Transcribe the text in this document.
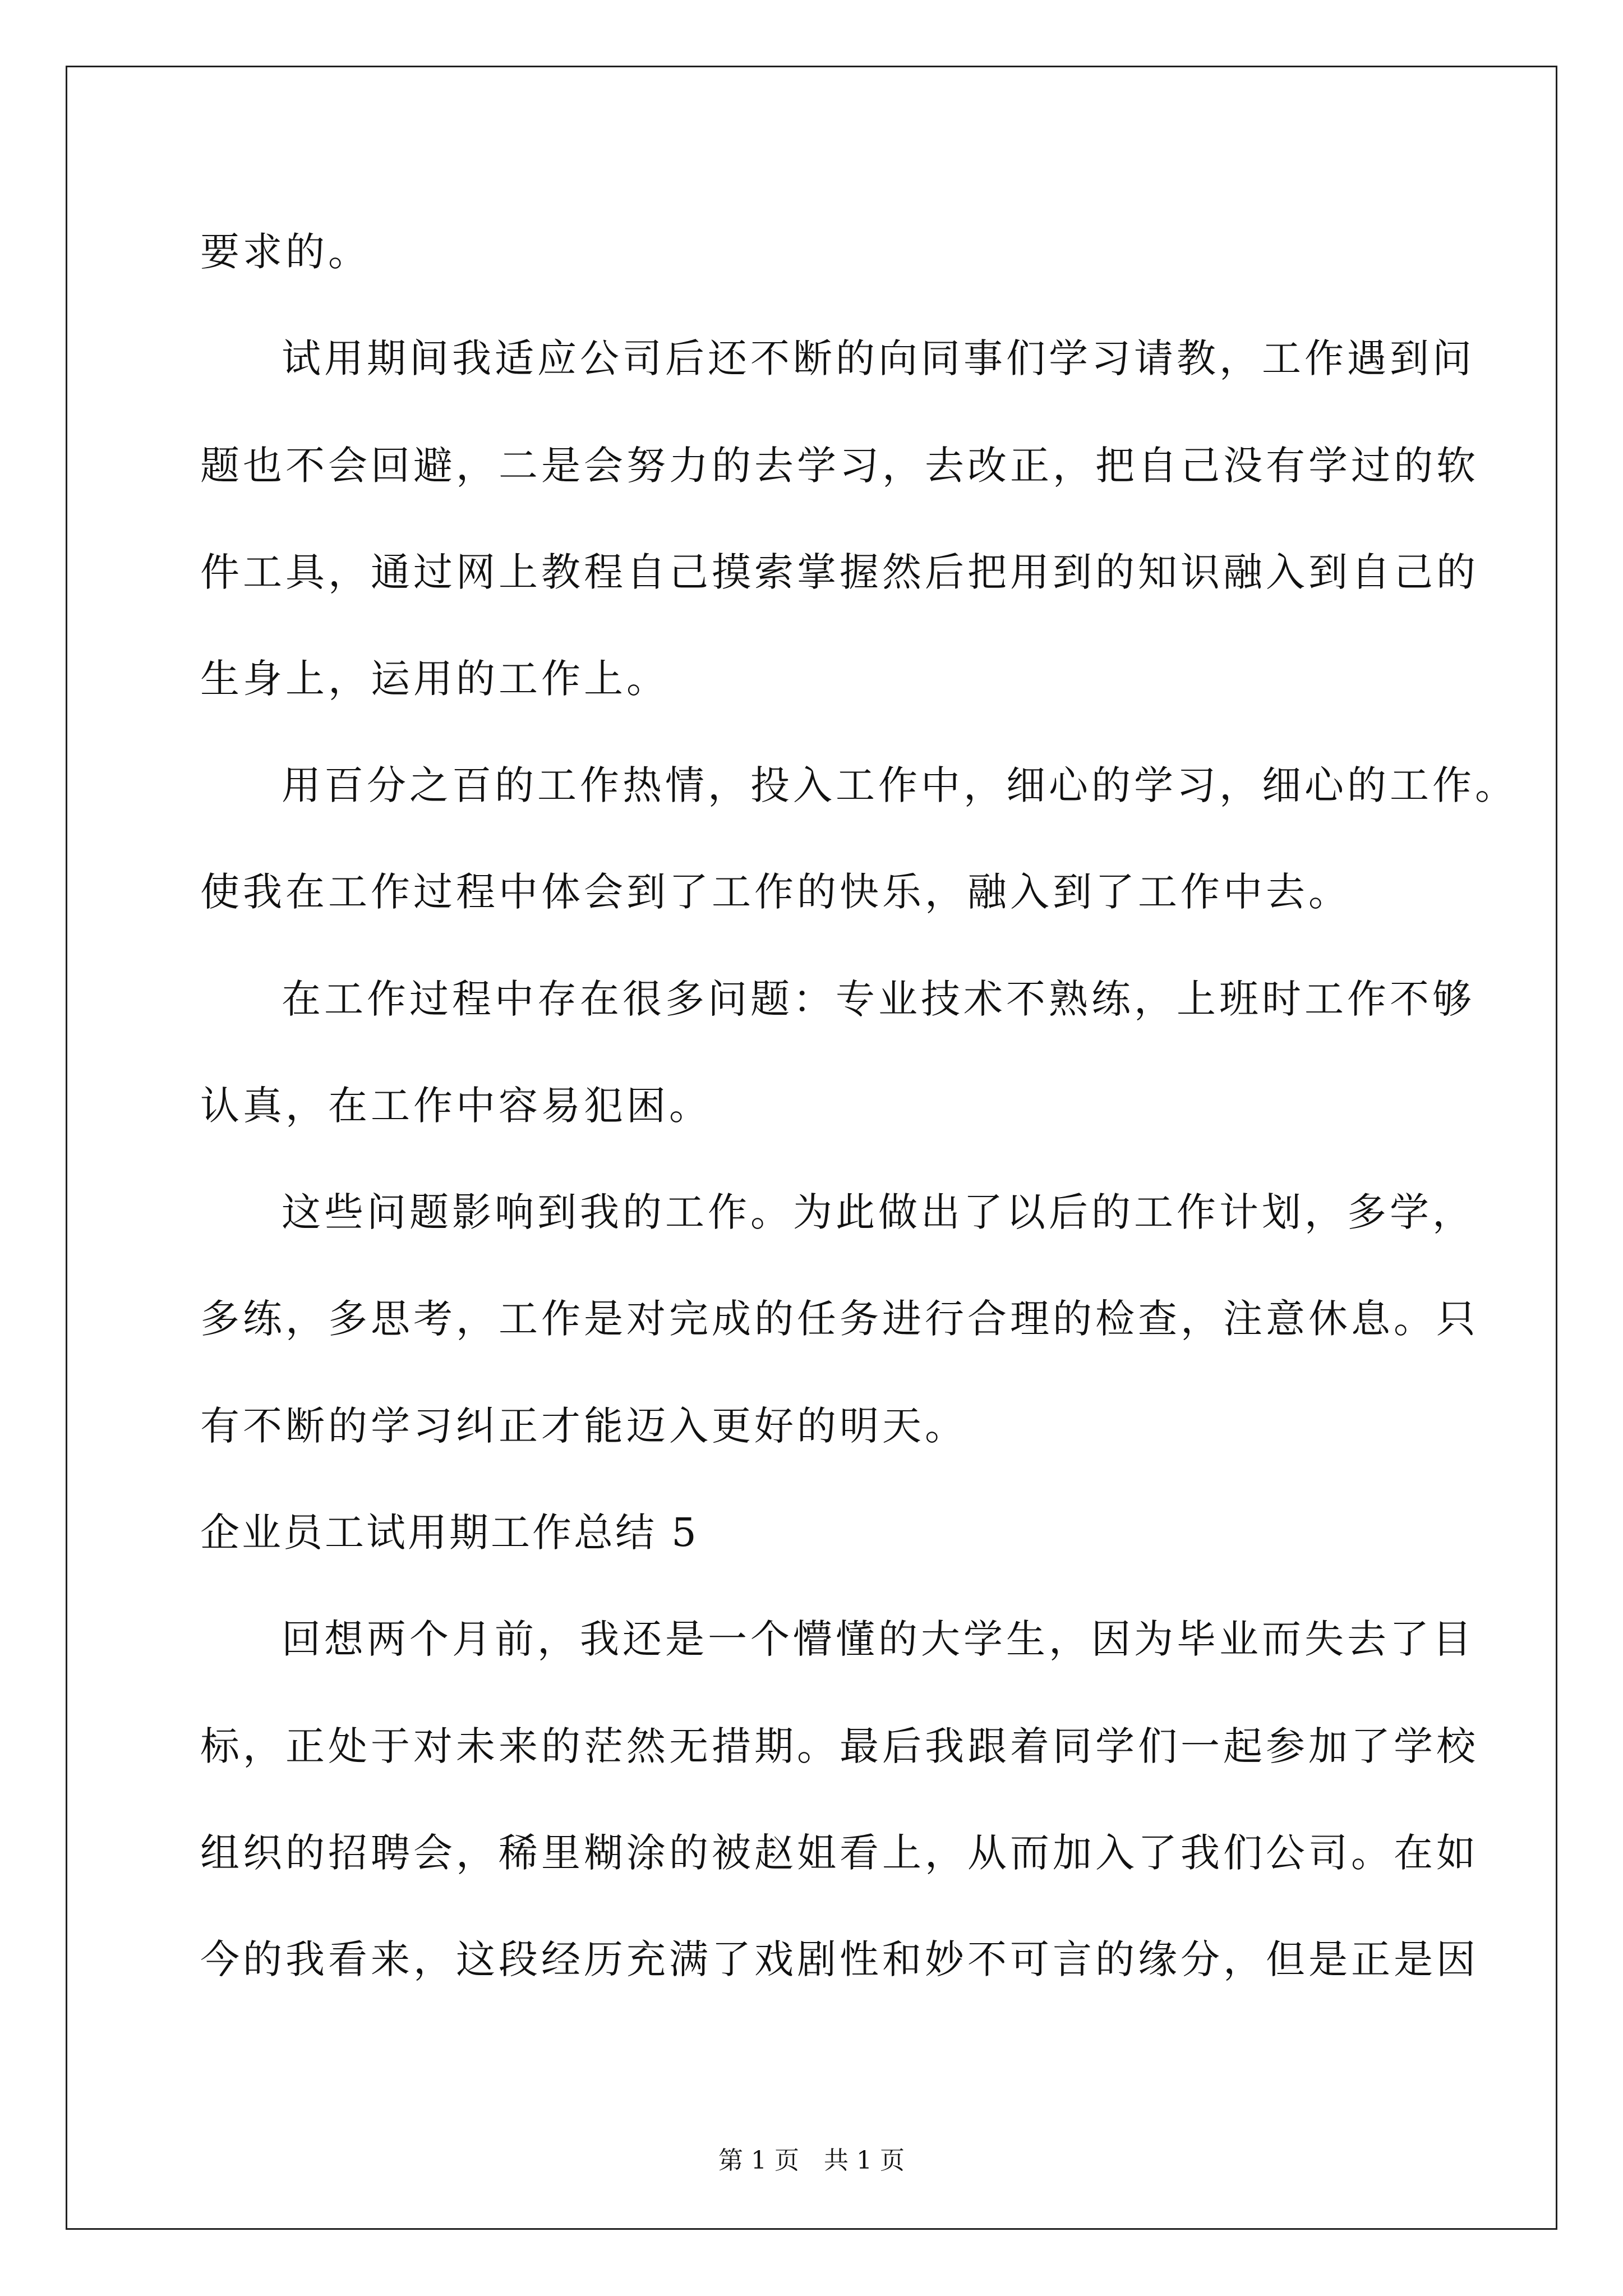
要求的。
试用期间我适应公司后还不断的向同事们学习请教，工作遇到问
题也不会回避，二是会努力的去学习，去改正，把自己没有学过的软
件工具，通过网上教程自己摸索掌握然后把用到的知识融入到自己的
生身上，运用的工作上。
用百分之百的工作热情，投入工作中，细心的学习，细心的工作。
使我在工作过程中体会到了工作的快乐，融入到了工作中去。
在工作过程中存在很多问题：专业技术不熟练，上班时工作不够
认真，在工作中容易犯困。
这些问题影响到我的工作。为此做出了以后的工作计划，多学，
多练，多思考，工作是对完成的任务进行合理的检查，注意休息。只
有不断的学习纠正才能迈入更好的明天。
企业员工试用期工作总结 5
回想两个月前，我还是一个懵懂的大学生，因为毕业而失去了目
标，正处于对未来的茫然无措期。最后我跟着同学们一起参加了学校
组织的招聘会，稀里糊涂的被赵姐看上，从而加入了我们公司。在如
今的我看来，这段经历充满了戏剧性和妙不可言的缘分，但是正是因
第 1 页　共 1 页
